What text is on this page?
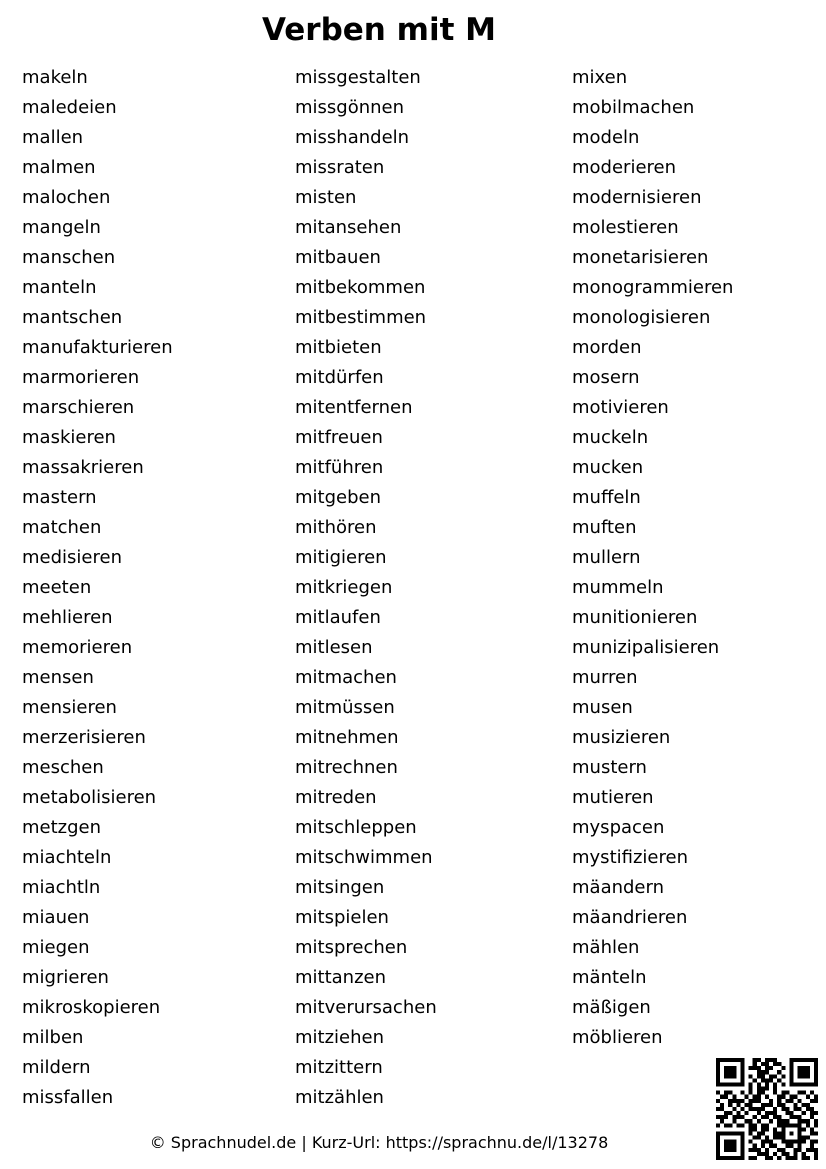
Verben mit M
makeln
maledeien
mallen
malmen
malochen
mangeln
manschen
manteln
mantschen
manufakturieren
marmorieren
marschieren
maskieren
massakrieren
mastern
matchen
medisieren
meeten
mehlieren
memorieren
mensen
mensieren
merzerisieren
meschen
metabolisieren
metzgen
miachteln
miachtln
miauen
miegen
migrieren
mikroskopieren
milben
mildern
missfallen
missgestalten
missgönnen
misshandeln
missraten
misten
mitansehen
mitbauen
mitbekommen
mitbestimmen
mitbieten
mitdürfen
mitentfernen
mitfreuen
mitführen
mitgeben
mithören
mitigieren
mitkriegen
mitlaufen
mitlesen
mitmachen
mitmüssen
mitnehmen
mitrechnen
mitreden
mitschleppen
mitschwimmen
mitsingen
mitspielen
mitsprechen
mittanzen
mitverursachen
mitziehen
mitzittern
mitzählen
mixen
mobilmachen
modeln
moderieren
modernisieren
molestieren
monetarisieren
monogrammieren
monologisieren
morden
mosern
motivieren
muckeln
mucken
muffeln
muften
mullern
mummeln
munitionieren
munizipalisieren
murren
musen
musizieren
mustern
mutieren
myspacen
mystifizieren
mäandern
mäandrieren
mählen
mänteln
mäßigen
möblieren
© Sprachnudel.de | Kurz-Url: https://sprachnu.de/l/13278
